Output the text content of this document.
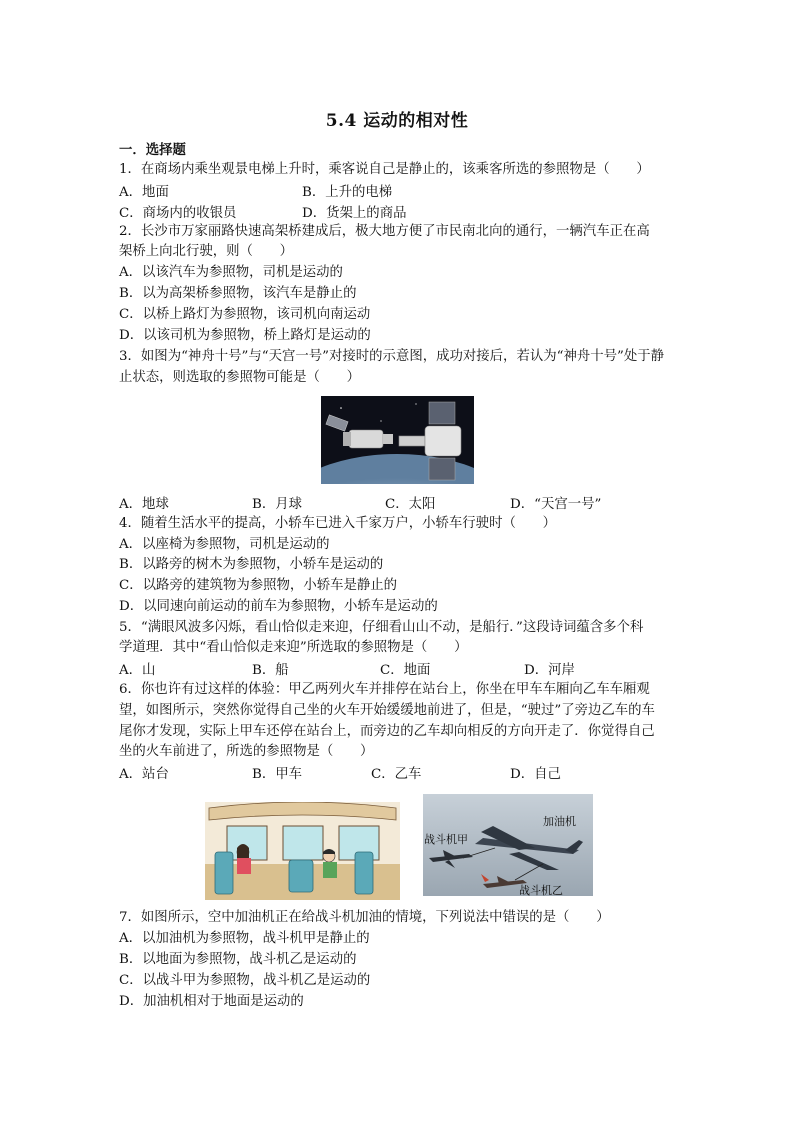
5.4 运动的相对性
一．选择题
1．在商场内乘坐观景电梯上升时，乘客说自己是静止的，该乘客所选的参照物是（　　）
A．地面	B．上升的电梯
C．商场内的收银员	D．货架上的商品
2．长沙市万家丽路快速高架桥建成后，极大地方便了市民南北向的通行，一辆汽车正在高
架桥上向北行驶，则（　　）
A．以该汽车为参照物，司机是运动的
B．以为高架桥参照物，该汽车是静止的
C．以桥上路灯为参照物，该司机向南运动
D．以该司机为参照物，桥上路灯是运动的
3．如图为“神舟十号”与“天宫一号”对接时的示意图，成功对接后，若认为“神舟十号”处于静
止状态，则选取的参照物可能是（　　）
A．地球	B．月球	C．太阳	D．“天宫一号”
4．随着生活水平的提高，小轿车已进入千家万户，小轿车行驶时（　　）
A．以座椅为参照物，司机是运动的
B．以路旁的树木为参照物，小轿车是运动的
C．以路旁的建筑物为参照物，小轿车是静止的
D．以同速向前运动的前车为参照物，小轿车是运动的
5．“满眼风波多闪烁，看山恰似走来迎，仔细看山山不动，是船行．”这段诗词蕴含多个科
学道理．其中“看山恰似走来迎”所选取的参照物是（　　）
A．山	B．船	C．地面	D．河岸
6．你也许有过这样的体验：甲乙两列火车并排停在站台上，你坐在甲车车厢向乙车车厢观
望，如图所示，突然你觉得自己坐的火车开始缓缓地前进了，但是，“驶过”了旁边乙车的车
尾你才发现，实际上甲车还停在站台上，而旁边的乙车却向相反的方向开走了．你觉得自己
坐的火车前进了，所选的参照物是（　　）
A．站台	B．甲车	C．乙车	D．自己
加油机
战斗机甲
战斗机乙
7．如图所示，空中加油机正在给战斗机加油的情境，下列说法中错误的是（　　）
A．以加油机为参照物，战斗机甲是静止的
B．以地面为参照物，战斗机乙是运动的
C．以战斗甲为参照物，战斗机乙是运动的
D．加油机相对于地面是运动的
